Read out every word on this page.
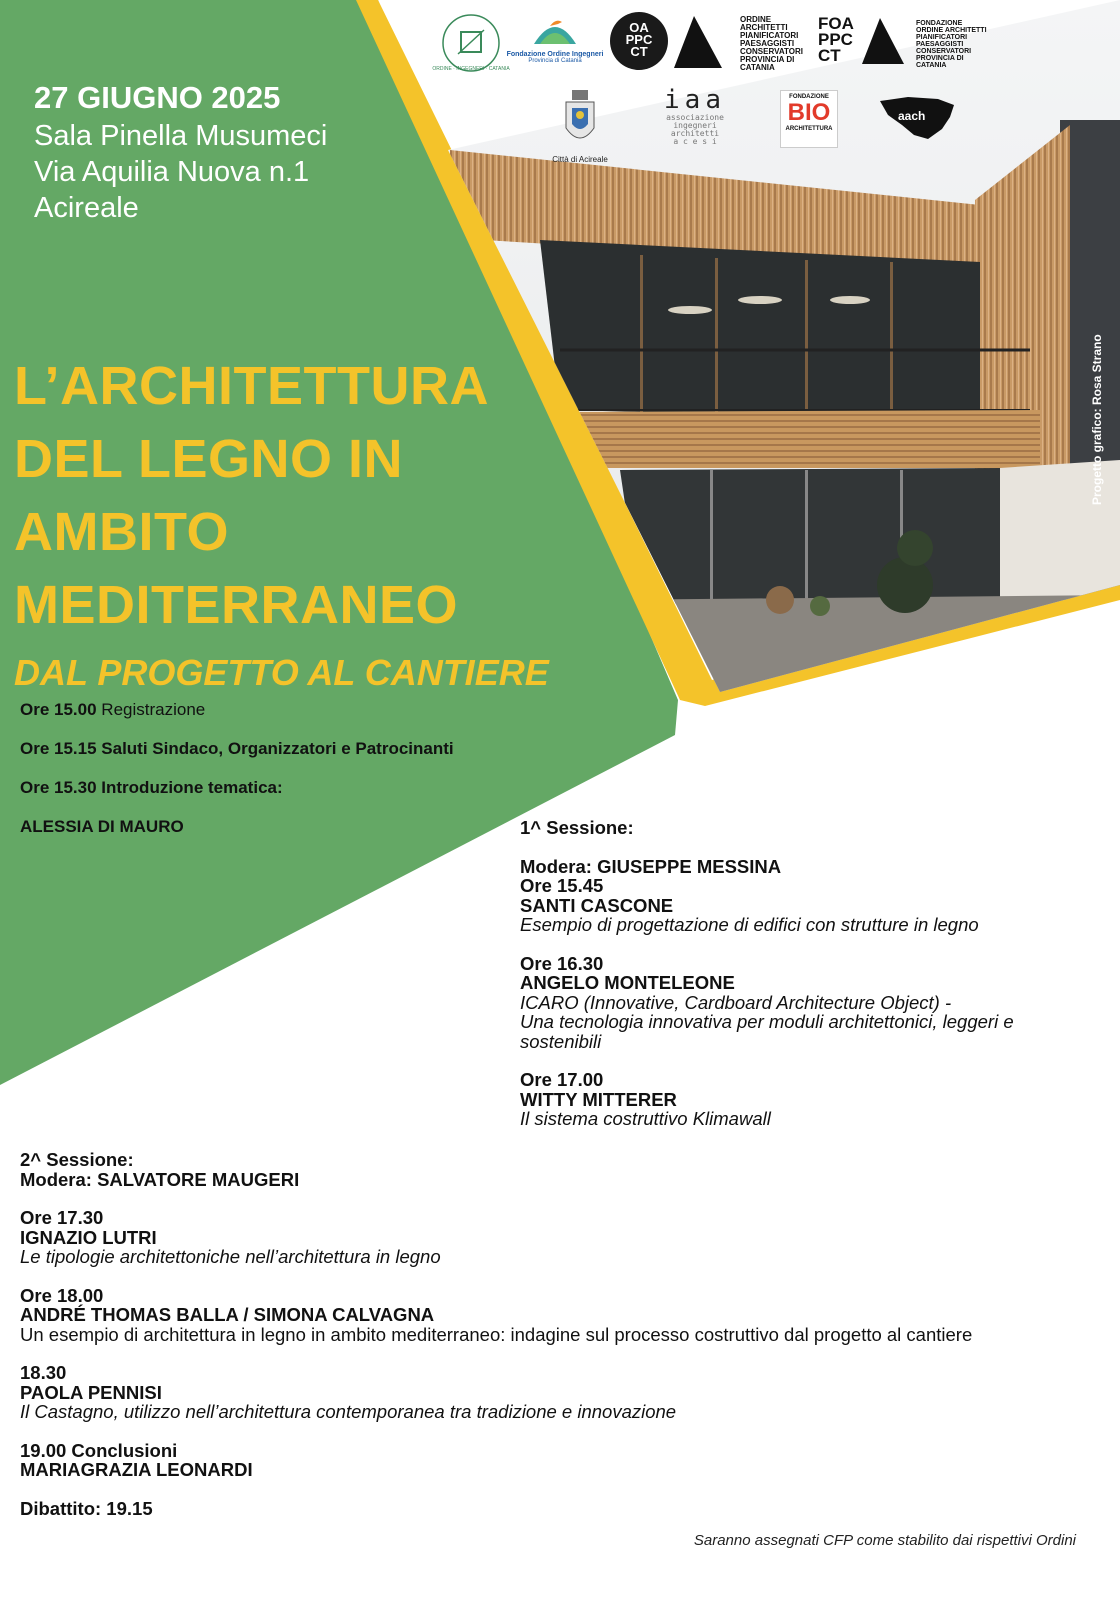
ORDINE · INGEGNERI · CATANIA
Fondazione Ordine Ingegneri
Provincia di Catania
OA PPC CT
ORDINE
ARCHITETTI
PIANIFICATORI
PAESAGGISTI
CONSERVATORI
PROVINCIA DI
CATANIA
FOA PPC CT
FONDAZIONE
ORDINE ARCHITETTI
PIANIFICATORI
PAESAGGISTI
CONSERVATORI
PROVINCIA DI
CATANIA
Città di Acireale
iaa
associazione
ingegneri
architetti
a c e s i
FONDAZIONE
BIO
ARCHITETTURA
aach
Progetto grafico: Rosa Strano
27 GIUGNO 2025
Sala Pinella Musumeci
Via Aquilia Nuova n.1
Acireale
L’ARCHITETTURA
DEL LEGNO IN
AMBITO
MEDITERRANEO
DAL PROGETTO AL CANTIERE
Ore 15.00 Registrazione
Ore 15.15 Saluti Sindaco, Organizzatori e Patrocinanti
Ore 15.30 Introduzione tematica:
ALESSIA DI MAURO	1^ Sessione:
Modera: GIUSEPPE MESSINA
Ore 15.45
SANTI CASCONE
Esempio di progettazione di edifici con strutture in legno
Ore 16.30
ANGELO MONTELEONE
ICARO (Innovative, Cardboard Architecture Object) -
Una tecnologia innovativa per moduli architettonici, leggeri e sostenibili
Ore 17.00
WITTY MITTERER
Il sistema costruttivo Klimawall
2^ Sessione:
Modera: SALVATORE MAUGERI
Ore 17.30
IGNAZIO LUTRI
Le tipologie architettoniche nell’architettura in legno
Ore 18.00
ANDRÉ THOMAS BALLA / SIMONA CALVAGNA
Un esempio di architettura in legno in ambito mediterraneo: indagine sul processo costruttivo dal progetto al cantiere
18.30
PAOLA PENNISI
Il Castagno, utilizzo nell’architettura contemporanea tra tradizione e innovazione
19.00 Conclusioni
MARIAGRAZIA LEONARDI
Dibattito: 19.15
Saranno assegnati CFP come stabilito dai rispettivi Ordini
